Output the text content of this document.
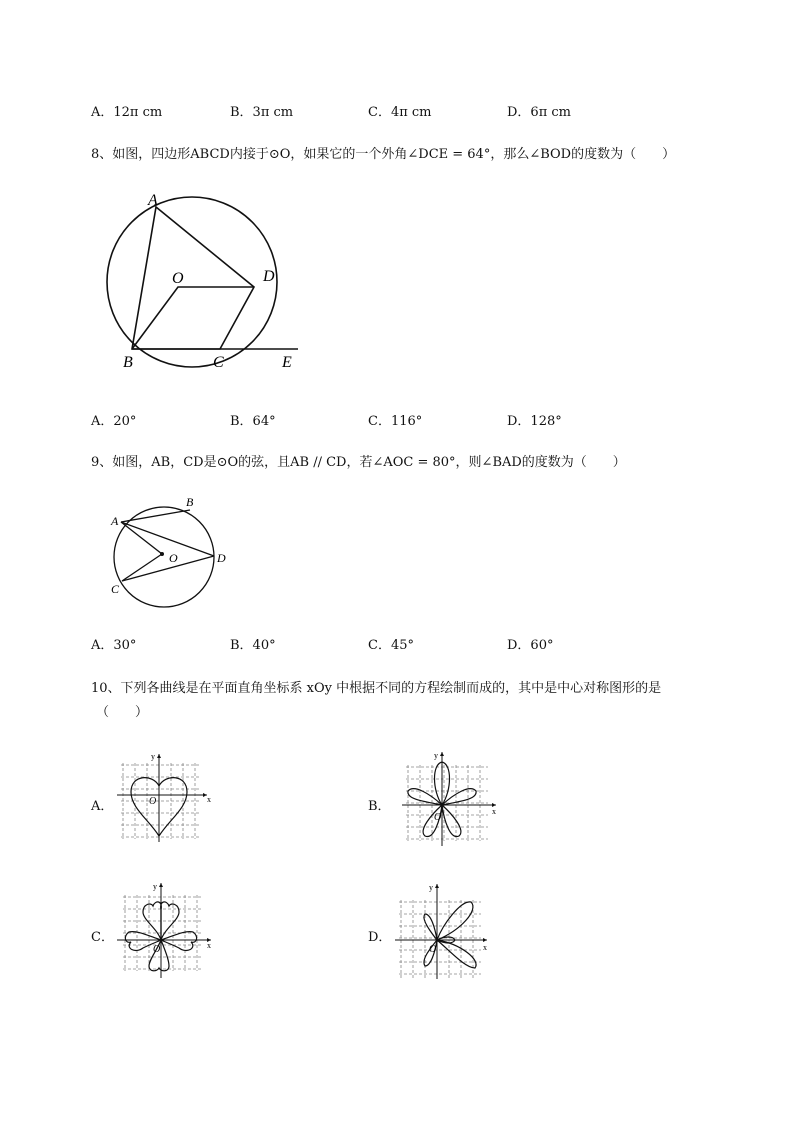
A．12π cm	B．3π cm	C．4π cm	D．6π cm
8、如图，四边形ABCD内接于⊙O，如果它的一个外角∠DCE = 64°，那么∠BOD的度数为（　　）
A
B	C
D
E
O
A．20°	B．64°	C．116°	D．128°
9、如图，AB，CD是⊙O的弦，且AB // CD，若∠AOC = 80°，则∠BAD的度数为（　　）
A
B
C
D
O
A．30°	B．40°	C．45°	D．60°
10、下列各曲线是在平面直角坐标系 xOy 中根据不同的方程绘制而成的，其中是中心对称图形的是
（　　）
A．	O	x
y
B．
O
x
y
C．
O	x
y
D．
O	x
y
